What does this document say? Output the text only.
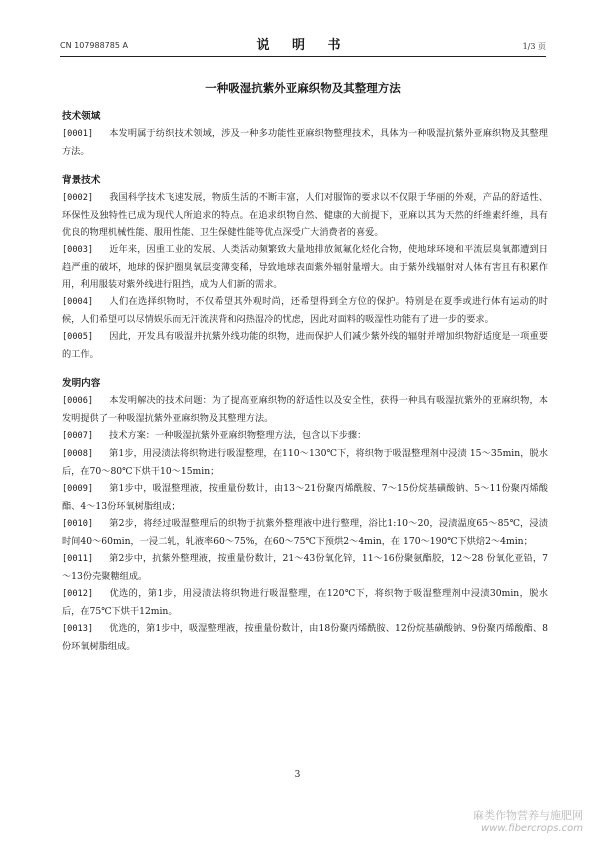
CN 107988785 A	说 明 书	1/3 页
一种吸湿抗紫外亚麻织物及其整理方法

技术领域

[0001] 本发明属于纺织技术领域，涉及一种多功能性亚麻织物整理技术，具体为一种吸湿抗紫外亚麻织物及其整理方法。

背景技术

[0002] 我国科学技术飞速发展，物质生活的不断丰富，人们对服饰的要求以不仅限于华丽的外观，产品的舒适性、环保性及独特性已成为现代人所追求的特点。在追求织物自然、健康的大前提下，亚麻以其为天然的纤维素纤维，具有优良的物理机械性能、服用性能、卫生保健性能等优点深受广大消费者的喜爱。

[0003] 近年来，因重工业的发展、人类活动频繁致大量地排放氮氟化烃化合物，使地球环境和平流层臭氧都遭到日趋严重的破坏，地球的保护圈臭氧层变薄变稀，导致地球表面紫外辐射量增大。由于紫外线辐射对人体有害且有积累作用，利用服装对紫外线进行阻挡，成为人们新的需求。

[0004] 人们在选择织物时，不仅希望其外观时尚，还希望得到全方位的保护。特别是在夏季或进行体有运动的时候，人们希望可以尽情娱乐而无汗流浃背和闷热湿冷的忧虑，因此对面料的吸湿性功能有了进一步的要求。

[0005] 因此，开发具有吸湿并抗紫外线功能的织物，进而保护人们减少紫外线的辐射并增加织物舒适度是一项重要的工作。

发明内容

[0006] 本发明解决的技术问题：为了提高亚麻织物的舒适性以及安全性，获得一种具有吸湿抗紫外的亚麻织物，本发明提供了一种吸湿抗紫外亚麻织物及其整理方法。

[0007] 技术方案：一种吸湿抗紫外亚麻织物整理方法，包含以下步骤：

[0008] 第1步，用浸渍法将织物进行吸湿整理，在110～130℃下，将织物于吸湿整理剂中浸渍 15～35min，脱水后，在70～80℃下烘干10～15min；

[0009] 第1步中，吸湿整理液，按重量份数计，由13～21份聚丙烯酰胺、7～15份烷基磺酸钠、5～11份聚丙烯酸酯、4～13份环氧树脂组成；

[0010] 第2步，将经过吸湿整理后的织物于抗紫外整理液中进行整理，浴比1:10～20，浸渍温度65～85℃，浸渍时间40～60min，一浸二轧，轧液率60～75%，在60～75℃下预烘2～4min，在 170～190℃下烘焙2～4min；

[0011] 第2步中，抗紫外整理液，按重量份数计，21～43份氧化锌，11～16份聚氨酯胶，12～28 份氧化亚铅，7～13份壳聚糖组成。

[0012] 优选的，第1步，用浸渍法将织物进行吸湿整理，在120℃下，将织物于吸湿整理剂中浸渍30min，脱水后，在75℃下烘干12min。

[0013] 优选的，第1步中，吸湿整理液，按重量份数计，由18份聚丙烯酰胺、12份烷基磺酸钠、9份聚丙烯酸酯、8份环氧树脂组成。

3
麻类作物营养与施肥网
www.fibercrops.com
